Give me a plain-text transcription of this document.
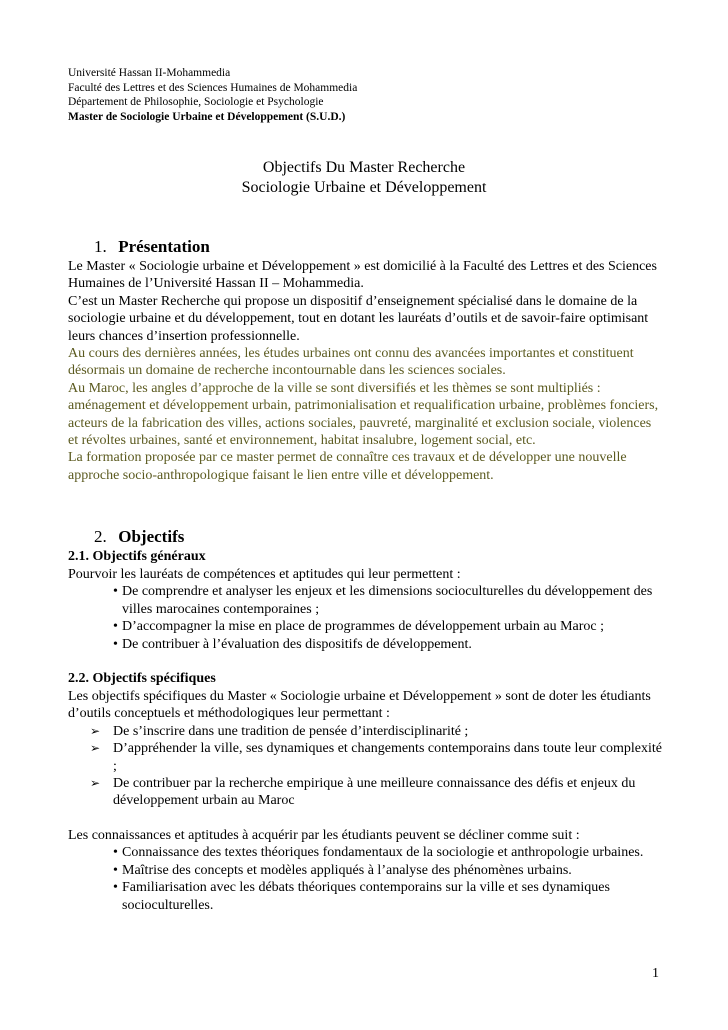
Université Hassan II-Mohammedia
Faculté des Lettres et des Sciences Humaines de Mohammedia
Département de Philosophie, Sociologie et Psychologie
Master de Sociologie Urbaine et Développement (S.U.D.)
Objectifs Du Master Recherche
Sociologie Urbaine et Développement
1. Présentation
Le Master « Sociologie urbaine et Développement » est domicilié à la Faculté des Lettres et des Sciences Humaines de l’Université Hassan II – Mohammedia.
C’est un Master Recherche qui propose un dispositif d’enseignement spécialisé dans le domaine de la sociologie urbaine et du développement, tout en dotant les lauréats d’outils et de savoir-faire optimisant leurs chances d’insertion professionnelle.
Au cours des dernières années, les études urbaines ont connu des avancées importantes et constituent désormais un domaine de recherche incontournable dans les sciences sociales.
Au Maroc, les angles d’approche de la ville se sont diversifiés et les thèmes se sont multipliés : aménagement et développement urbain, patrimonialisation et requalification urbaine, problèmes fonciers, acteurs de la fabrication des villes, actions sociales, pauvreté, marginalité et exclusion sociale, violences et révoltes urbaines, santé et environnement, habitat insalubre, logement social, etc.
La formation proposée par ce master permet de connaître ces travaux et de développer une nouvelle approche socio-anthropologique faisant le lien entre ville et développement.
2. Objectifs
2.1. Objectifs généraux
Pourvoir les lauréats de compétences et aptitudes qui leur permettent :
• De comprendre et analyser les enjeux et les dimensions socioculturelles du développement des villes marocaines contemporaines ;
• D’accompagner la mise en place de programmes de développement urbain au Maroc ;
• De contribuer à l’évaluation des dispositifs de développement.
2.2. Objectifs spécifiques
Les objectifs spécifiques du Master « Sociologie urbaine et Développement » sont de doter les étudiants d’outils conceptuels et méthodologiques leur permettant :
➢ De s’inscrire dans une tradition de pensée d’interdisciplinarité ;
➢ D’appréhender la ville, ses dynamiques et changements contemporains dans toute leur complexité ;
➢ De contribuer par la recherche empirique à une meilleure connaissance des défis et enjeux du développement urbain au Maroc
Les connaissances et aptitudes à acquérir par les étudiants peuvent se décliner comme suit :
• Connaissance des textes théoriques fondamentaux de la sociologie et anthropologie urbaines.
• Maîtrise des concepts et modèles appliqués à l’analyse des phénomènes urbains.
• Familiarisation avec les débats théoriques contemporains sur la ville et ses dynamiques socioculturelles.
1
